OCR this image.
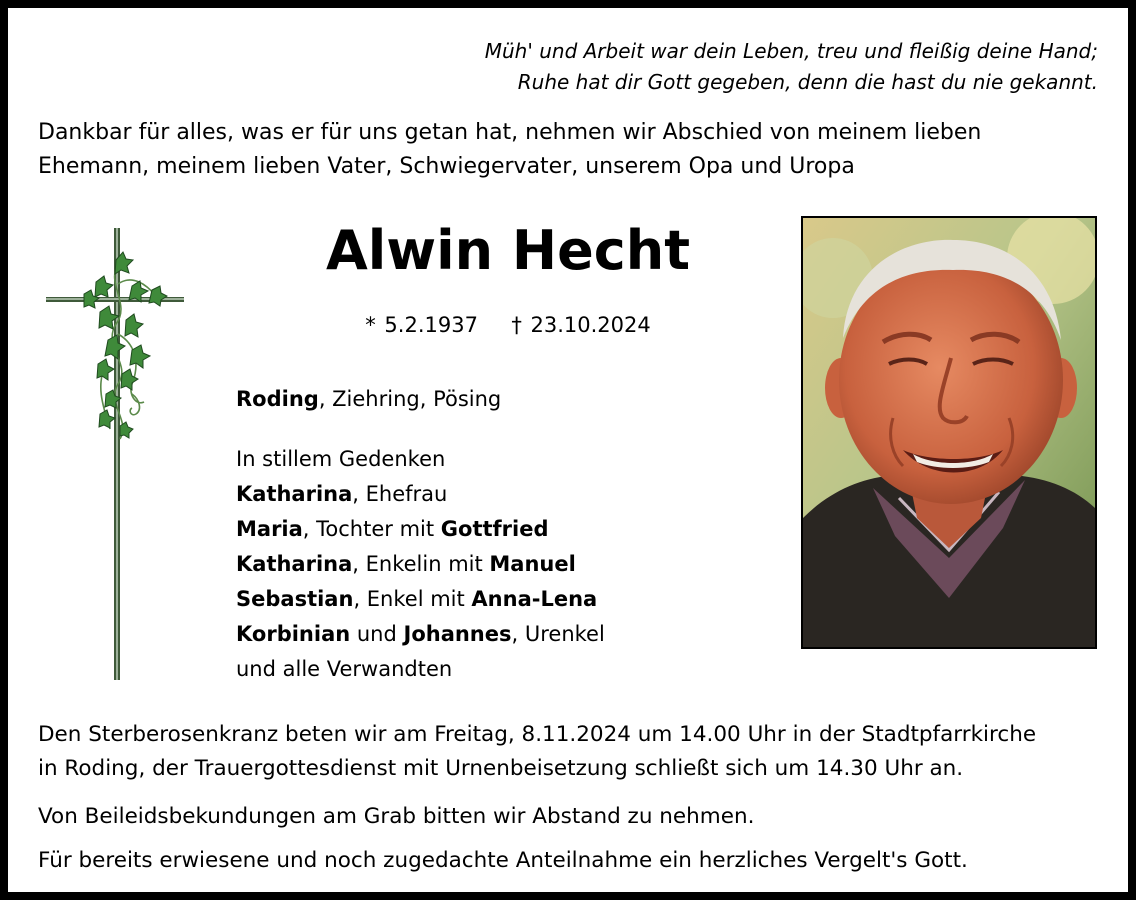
Müh' und Arbeit war dein Leben, treu und fleißig deine Hand;
Ruhe hat dir Gott gegeben, denn die hast du nie gekannt.
Dankbar für alles, was er für uns getan hat, nehmen wir Abschied von meinem lieben
Ehemann, meinem lieben Vater, Schwiegervater, unserem Opa und Uropa
Alwin Hecht
* 5.2.1937 † 23.10.2024
Roding, Ziehring, Pösing
In stillem Gedenken
Katharina, Ehefrau
Maria, Tochter mit Gottfried
Katharina, Enkelin mit Manuel
Sebastian, Enkel mit Anna-Lena
Korbinian und Johannes, Urenkel
und alle Verwandten

Den Sterberosenkranz beten wir am Freitag, 8.11.2024 um 14.00 Uhr in der Stadtpfarrkirche
in Roding, der Trauergottesdienst mit Urnenbeisetzung schließt sich um 14.30 Uhr an.

Von Beileidsbekundungen am Grab bitten wir Abstand zu nehmen.

Für bereits erwiesene und noch zugedachte Anteilnahme ein herzliches Vergelt's Gott.
